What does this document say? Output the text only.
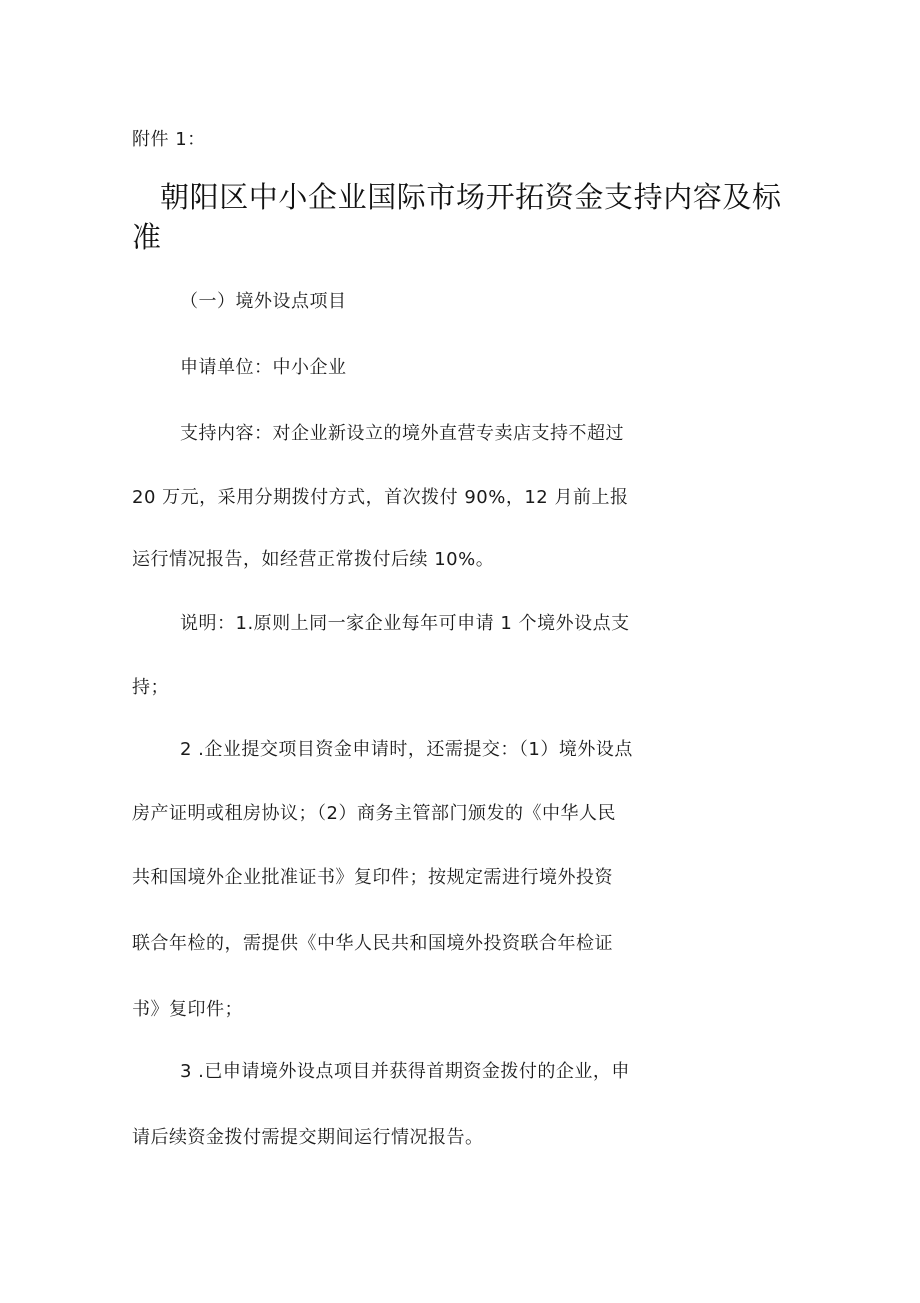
附件 1：
朝阳区中小企业国际市场开拓资金支持内容及标
准
（一）境外设点项目
申请单位：中小企业
支持内容：对企业新设立的境外直营专卖店支持不超过
20 万元，采用分期拨付方式，首次拨付 90%，12 月前上报
运行情况报告，如经营正常拨付后续 10%。
说明：1.原则上同一家企业每年可申请 1 个境外设点支
持；
2 .企业提交项目资金申请时，还需提交：（1）境外设点
房产证明或租房协议；（2）商务主管部门颁发的《中华人民
共和国境外企业批准证书》复印件；按规定需进行境外投资
联合年检的，需提供《中华人民共和国境外投资联合年检证
书》复印件；
3 .已申请境外设点项目并获得首期资金拨付的企业，申
请后续资金拨付需提交期间运行情况报告。
